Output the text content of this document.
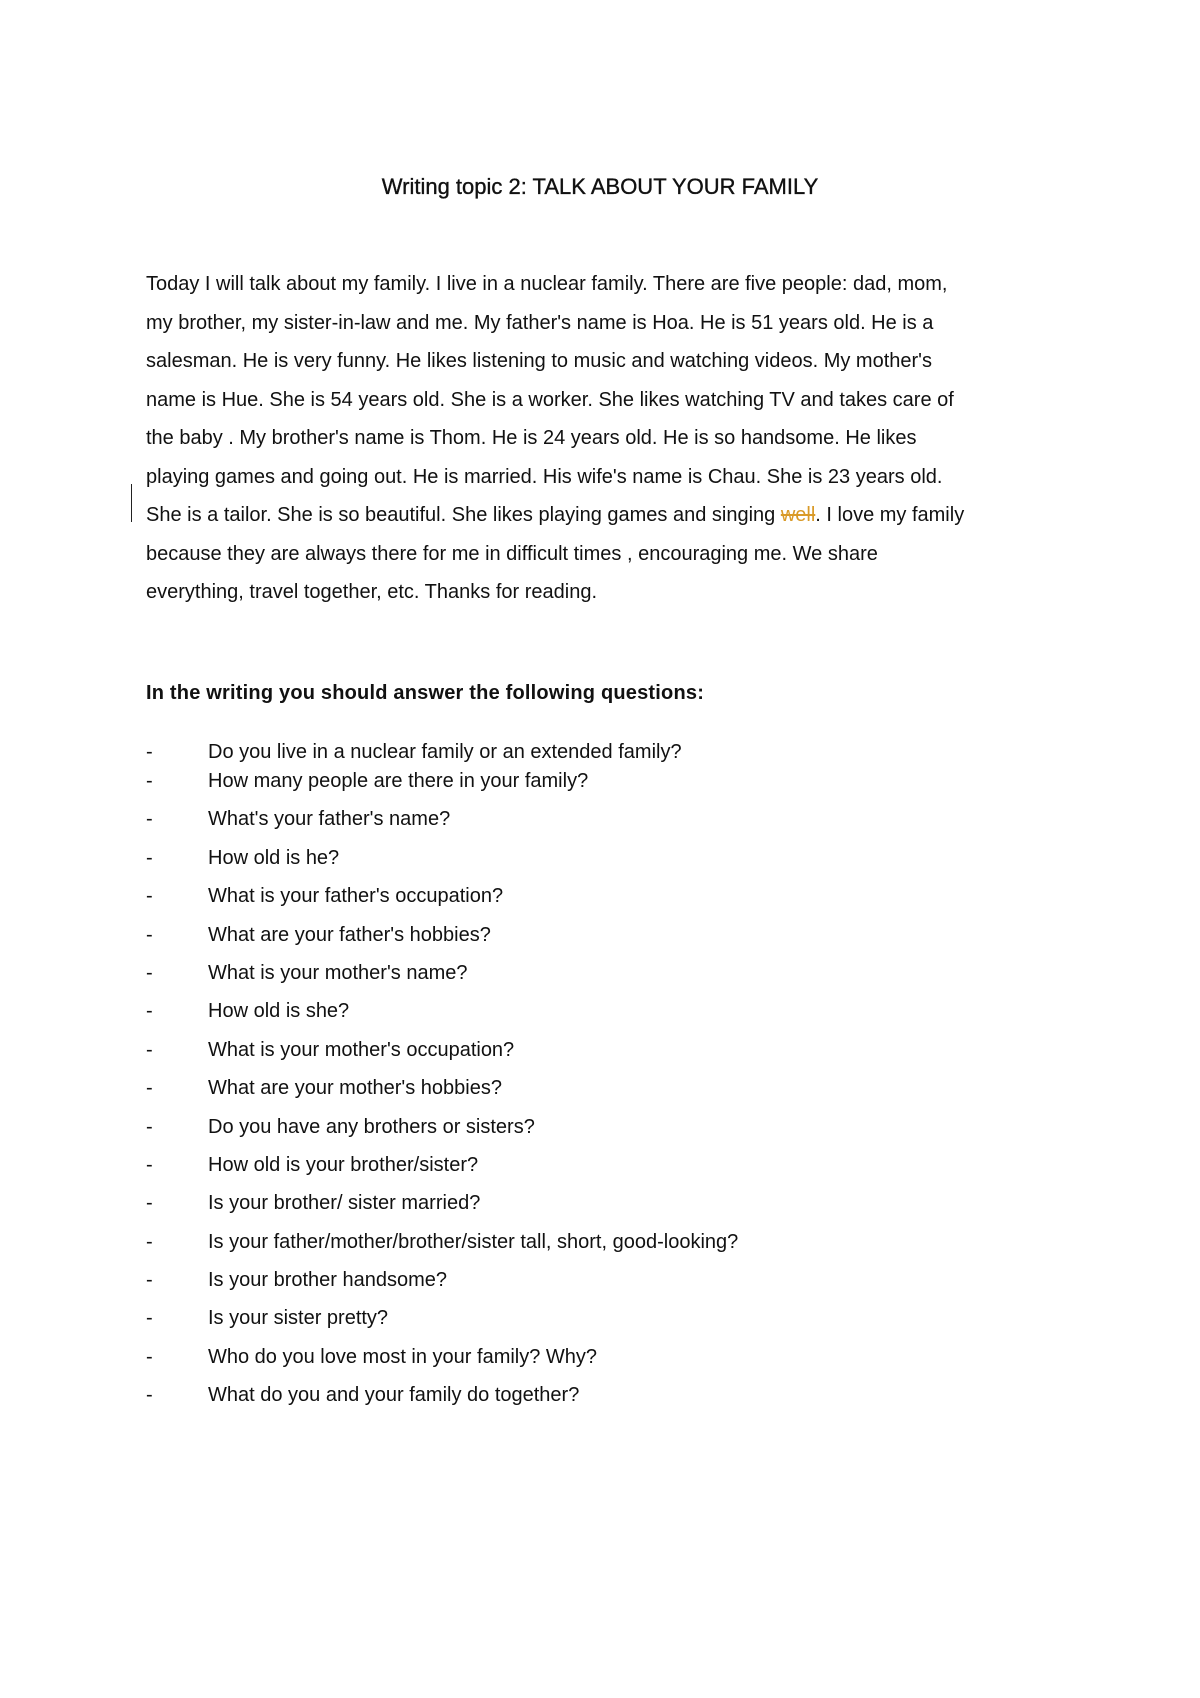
Writing topic 2: TALK ABOUT YOUR FAMILY

Today I will talk about my family. I live in a nuclear family. There are five people: dad, mom,
my brother, my sister-in-law and me. My father's name is Hoa. He is 51 years old. He is a
salesman. He is very funny. He likes listening to music and watching videos. My mother's
name is Hue. She is 54 years old. She is a worker. She likes watching TV and takes care of
the baby . My brother's name is Thom. He is 24 years old. He is so handsome. He likes
playing games and going out. He is married. His wife's name is Chau. She is 23 years old.
She is a tailor. She is so beautiful. She likes playing games and singing well. I love my family
because they are always there for me in difficult times , encouraging me. We share
everything, travel together, etc. Thanks for reading.

In the writing you should answer the following questions:

-	Do you live in a nuclear family or an extended family?
-	How many people are there in your family?
-	What's your father's name?
-	How old is he?
-	What is your father's occupation?
-	What are your father's hobbies?
-	What is your mother's name?
-	How old is she?
-	What is your mother's occupation?
-	What are your mother's hobbies?
-	Do you have any brothers or sisters?
-	How old is your brother/sister?
-	Is your brother/ sister married?
-	Is your father/mother/brother/sister tall, short, good-looking?
-	Is your brother handsome?
-	Is your sister pretty?
-	Who do you love most in your family? Why?
-	What do you and your family do together?
